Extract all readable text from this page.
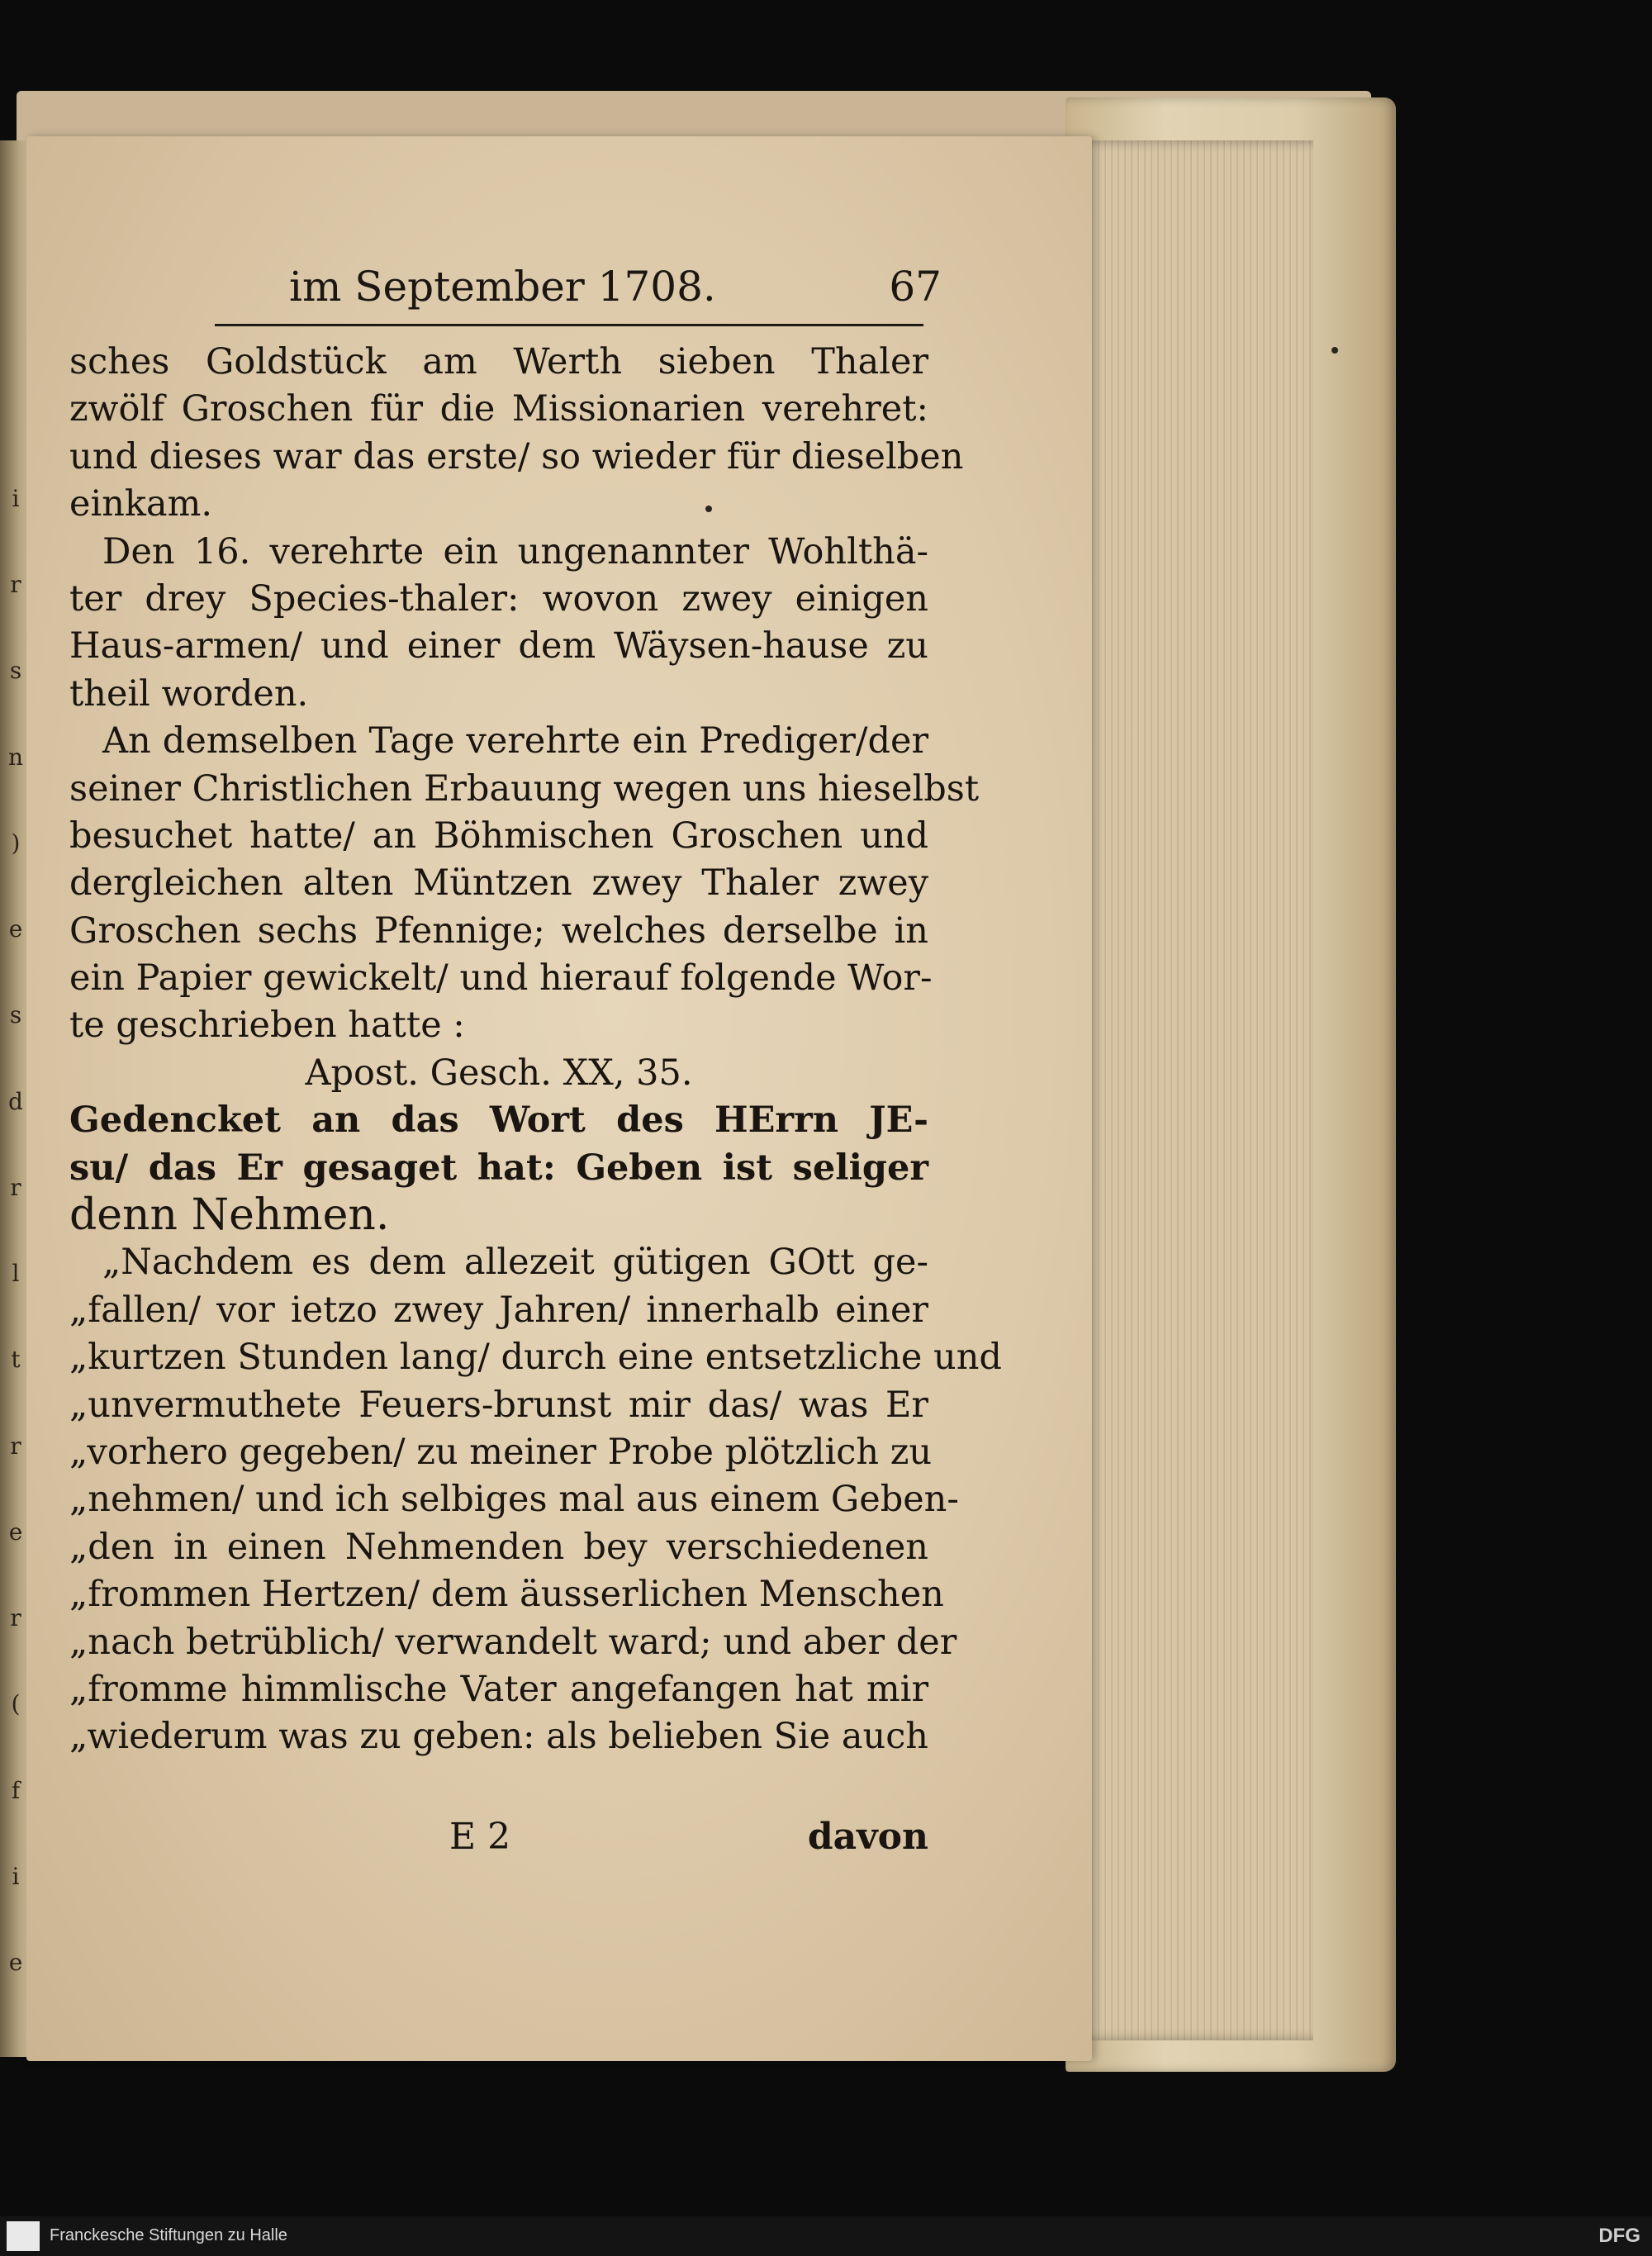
i
r
s
n
)
e
s
d
r
l
t
r
e
r
(
f
i
e
im September 1708.	67
sches Goldstück am Werth sieben Thaler
zwölf Groschen für die Missionarien verehret:
und dieses war das erste/ so wieder für dieselben
einkam.
Den 16. verehrte ein ungenannter Wohlthä-
ter drey Species-thaler: wovon zwey einigen
Haus-armen/ und einer dem Wäysen-hause zu
theil worden.
An demselben Tage verehrte ein Prediger/der
seiner Christlichen Erbauung wegen uns hieselbst
besuchet hatte/ an Böhmischen Groschen und
dergleichen alten Müntzen zwey Thaler zwey
Groschen sechs Pfennige; welches derselbe in
ein Papier gewickelt/ und hierauf folgende Wor-
te geschrieben hatte :
Apost. Gesch. XX, 35.
Gedencket an das Wort des HErrn JE-
su/ das Er gesaget hat: Geben ist seliger
denn Nehmen.
„Nachdem es dem allezeit gütigen GOtt ge-
„fallen/ vor ietzo zwey Jahren/ innerhalb einer
„kurtzen Stunden lang/ durch eine entsetzliche und
„unvermuthete Feuers-brunst mir das/ was Er
„vorhero gegeben/ zu meiner Probe plötzlich zu
„nehmen/ und ich selbiges mal aus einem Geben-
„den in einen Nehmenden bey verschiedenen
„frommen Hertzen/ dem äusserlichen Menschen
„nach betrüblich/ verwandelt ward; und aber der
„fromme himmlische Vater angefangen hat mir
„wiederum was zu geben: als belieben Sie auch
E 2	davon
Franckesche Stiftungen zu Halle	DFG
